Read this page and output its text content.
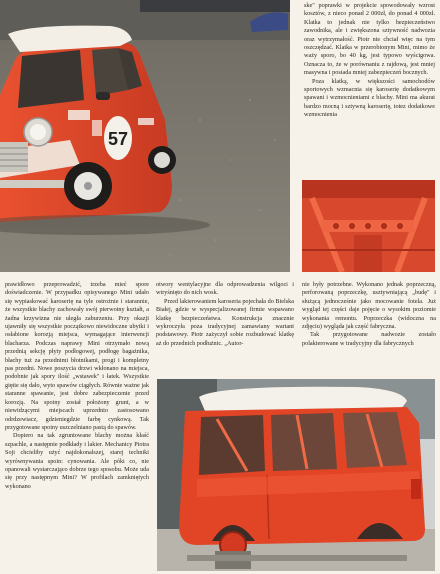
57

ske" poprawki w projekcie spowodowały wzrost kosztów, z nieco ponad 2 000zł, do ponad 4 000zł. Klatka to jednak nie tylko bezpieczeństwo zawodnika, ale i zwiększona sztywność nadwozia oraz wytrzymałość. Piotr nie chciał więc na tym oszczędzać. Klatka w przerobionym Mini, mimo że waży sporo, bo 40 kg, jest typowo wyścigowa. Oznacza to, że w porównaniu z rajdową, jest mniej masywna i posiada mniej zabezpieczeń bocznych.

Poza klatką, w większości samochodów sportowych wzmacnia się karoserię dodatkowym spawani i wzmocnieniami z blachy. Mini ma akurat bardzo mocną i sztywną karoserię, totez dodatkowe wzmocnienia

prawidłowo przeprowadzić, trzeba mieć spore doświadczenie. W przypadku opisywanego Mini udało się wypiaskować karoserię na tyle ostrożnie i starannie, że wszystkie blachy zachowały swój pierwotny kształt, a żadna krzywizna nie uległa zaburzeniu. Przy okazji ujawniły się wszystkie początkowo niewidoczne ubytki i osłabione korozją miejsca, wymagające interwencji blacharza. Podczas naprawy Mini otrzymało nową przednią sekcję płyty podłogowej, podłogę bagażnika, błachy tuż za przednimi błotnikami, progi i kompletny pas przedni. Nowe poszycia drzwi wkłonano na miejsca, podobnie jak spory ilość „wstawek" i łatek. Wszystkie giętie się dało, wyto spawów ciągłych. Równie ważne jak staranne spawanie, jest dobre zabezpieczenie przed korozją. Na spoiny został położony grunt, a w niewidzącymi miejscach uprzednio zastosowano odrdzewiacz, gdzieniegdzie farbę cynkową. Tak przygotowane spoiny uszczelniano pastą do spawów.

Dopiero na tak zgruntowane blachy można kłaść szpachle, a następnie podkłady i lakier. Mechanicy Piotra Soji chcieliby użyć najdokonalszej, starej techniki wyrównywania spoin: cynowania. Ale póki co, nie opanowali wystarczająco dobrze tego sposobu. Może uda się przy następnym Mini? W profilach zamkniętych wykonano

otwory wentylacyjne dla odprowadzenia wilgoci i wtryśnięto do nich wosk.

Przed lakierowaniem karoseria pojechała do Bielska Białej, gdzie w wyspecjalizowanej firmie wspawano klatkę bezpieczeństwa. Konstrukcja znacznie wykroczyła poza tradycyjnej zamawiany wariant podstawowy. Piotr zażyczył sobie rozbudować klatkę aż do przednich podłużnic. „Autor-

nie były potrzebne. Wykonano jednak poprzeczną, perforowaną poprzeczkę, usztywniającą „budę" i służącą jednocześnie jako mocowanie fotela. Już wygląd tej części daje pojęcie o wysokim poziomie wykonania remontu. Poprzeczka (widoczna na zdjęciu) wygląda jak część fabryczna.

Tak przygotowane nadwozie zostało polakierowane w tradycyjny dla fabrycznych
